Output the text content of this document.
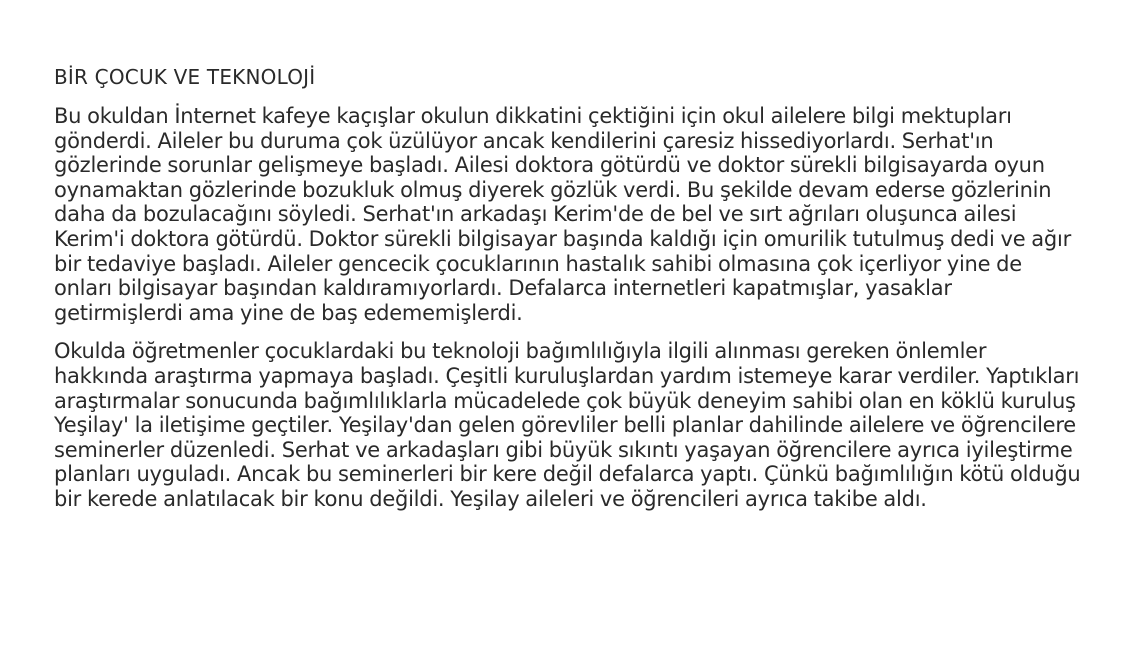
BİR ÇOCUK VE TEKNOLOJİ

Bu okuldan İnternet kafeye kaçışlar okulun dikkatini çektiğini için okul ailelere bilgi mektupları gönderdi. Aileler bu duruma çok üzülüyor ancak kendilerini çaresiz hissediyorlardı. Serhat'ın gözlerinde sorunlar gelişmeye başladı. Ailesi doktora götürdü ve doktor sürekli bilgisayarda oyun oynamaktan gözlerinde bozukluk olmuş diyerek gözlük verdi. Bu şekilde devam ederse gözlerinin daha da bozulacağını söyledi. Serhat'ın arkadaşı Kerim'de de bel ve sırt ağrıları oluşunca ailesi Kerim'i doktora götürdü. Doktor sürekli bilgisayar başında kaldığı için omurilik tutulmuş dedi ve ağır bir tedaviye başladı. Aileler gencecik çocuklarının hastalık sahibi olmasına çok içerliyor yine de onları bilgisayar başından kaldıramıyorlardı. Defalarca internetleri kapatmışlar, yasaklar getirmişlerdi ama yine de baş edememişlerdi.

Okulda öğretmenler çocuklardaki bu teknoloji bağımlılığıyla ilgili alınması gereken önlemler hakkında araştırma yapmaya başladı. Çeşitli kuruluşlardan yardım istemeye karar verdiler. Yaptıkları araştırmalar sonucunda bağımlılıklarla mücadelede çok büyük deneyim sahibi olan en köklü kuruluş Yeşilay' la iletişime geçtiler. Yeşilay'dan gelen görevliler belli planlar dahilinde ailelere ve öğrencilere seminerler düzenledi. Serhat ve arkadaşları gibi büyük sıkıntı yaşayan öğrencilere ayrıca iyileştirme planları uyguladı. Ancak bu seminerleri bir kere değil defalarca yaptı. Çünkü bağımlılığın kötü olduğu bir kerede anlatılacak bir konu değildi. Yeşilay aileleri ve öğrencileri ayrıca takibe aldı.
